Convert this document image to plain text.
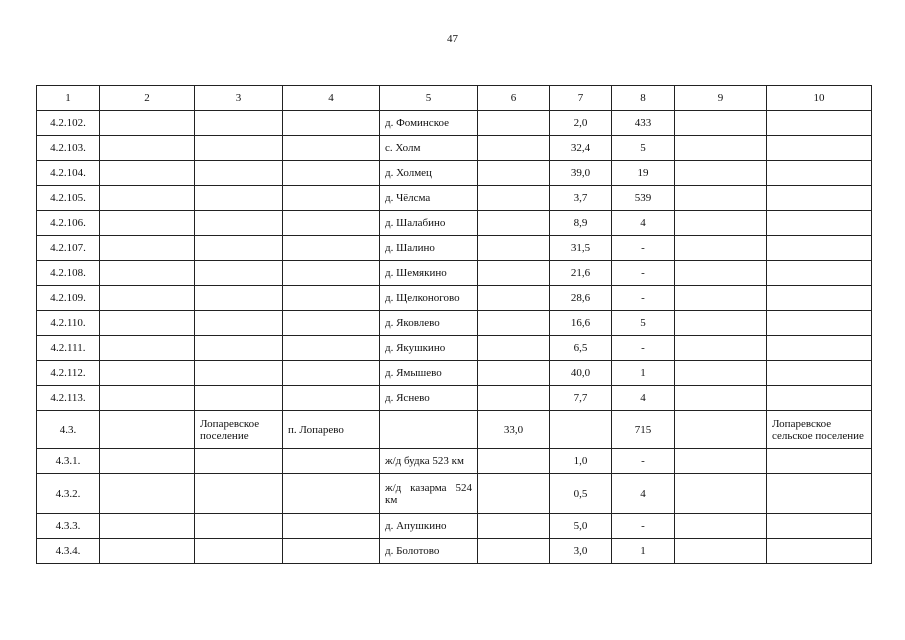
47
1	2	3	4	5	6	7	8	9	10
4.2.102.				д. Фоминское		2,0	433		
4.2.103.				с. Холм		32,4	5		
4.2.104.				д. Холмец		39,0	19		
4.2.105.				д. Чёлсма		3,7	539		
4.2.106.				д. Шалабино		8,9	4		
4.2.107.				д. Шалино		31,5	-		
4.2.108.				д. Шемякино		21,6	-		
4.2.109.				д. Щелконогово		28,6	-		
4.2.110.				д. Яковлево		16,6	5		
4.2.111.				д. Якушкино		6,5	-		
4.2.112.				д. Ямышево		40,0	1		
4.2.113.				д. Яснево		7,7	4		
4.3.		Лопаревское поселение	п. Лопарево		33,0		715		Лопаревское сельское поселение
4.3.1.				ж/д будка 523 км		1,0	-		
4.3.2.				ж/д казарма 524 км		0,5	4		
4.3.3.				д. Апушкино		5,0	-		
4.3.4.				д. Болотово		3,0	1		
